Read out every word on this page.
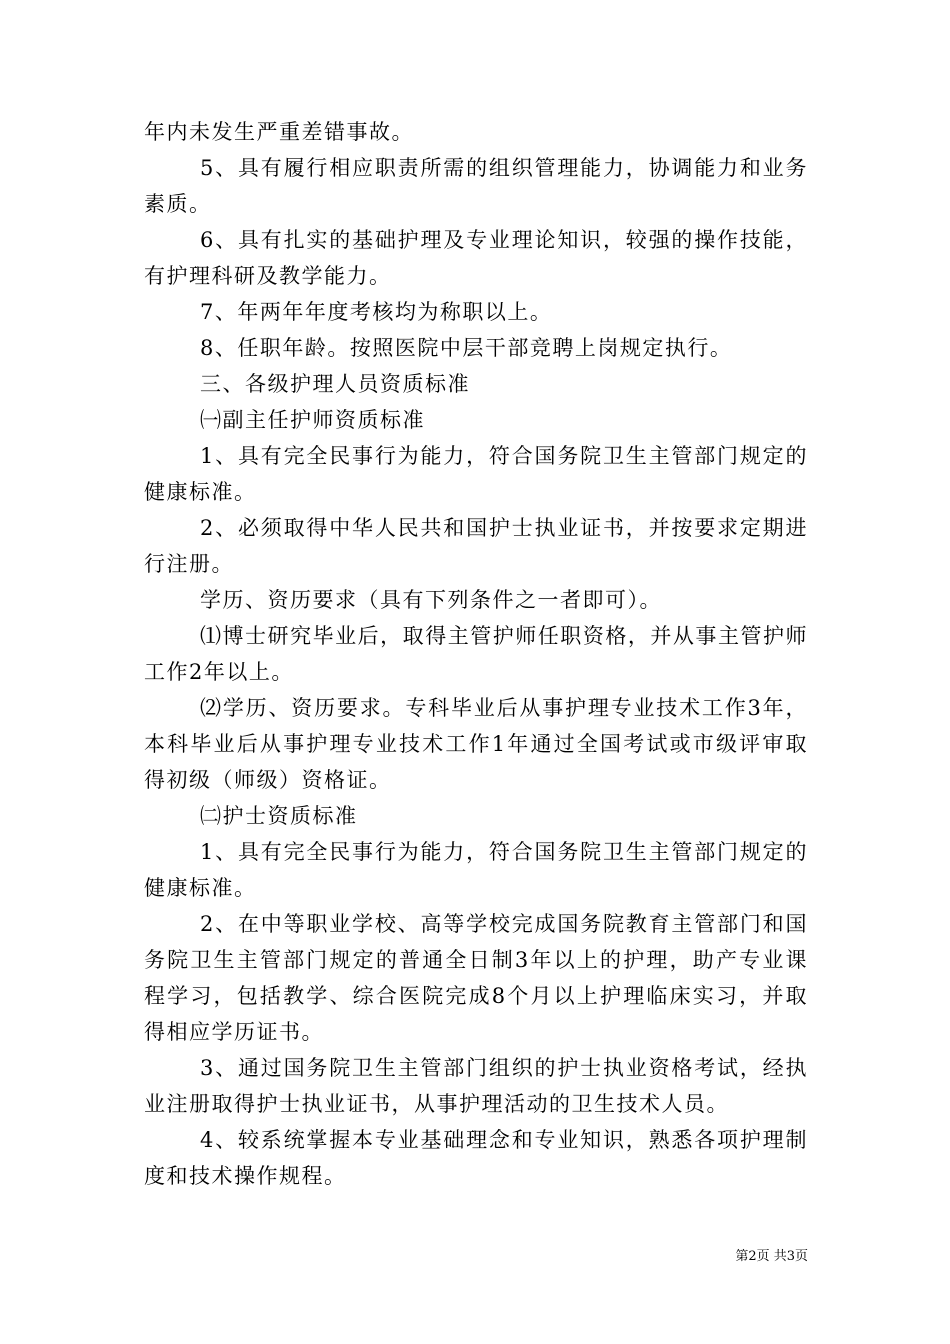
年内未发生严重差错事故。

5、具有履行相应职责所需的组织管理能力，协调能力和业务素质。

6、具有扎实的基础护理及专业理论知识，较强的操作技能，有护理科研及教学能力。

7、年两年年度考核均为称职以上。

8、任职年龄。按照医院中层干部竞聘上岗规定执行。

三、各级护理人员资质标准

㈠副主任护师资质标准

1、具有完全民事行为能力，符合国务院卫生主管部门规定的健康标准。

2、必须取得中华人民共和国护士执业证书，并按要求定期进行注册。

学历、资历要求（具有下列条件之一者即可）。

⑴博士研究毕业后，取得主管护师任职资格，并从事主管护师工作2年以上。

⑵学历、资历要求。专科毕业后从事护理专业技术工作3年，本科毕业后从事护理专业技术工作1年通过全国考试或市级评审取得初级（师级）资格证。

㈡护士资质标准

1、具有完全民事行为能力，符合国务院卫生主管部门规定的健康标准。

2、在中等职业学校、高等学校完成国务院教育主管部门和国务院卫生主管部门规定的普通全日制3年以上的护理，助产专业课程学习，包括教学、综合医院完成8个月以上护理临床实习，并取得相应学历证书。

3、通过国务院卫生主管部门组织的护士执业资格考试，经执业注册取得护士执业证书，从事护理活动的卫生技术人员。

4、较系统掌握本专业基础理念和专业知识，熟悉各项护理制度和技术操作规程。

第2页 共3页
